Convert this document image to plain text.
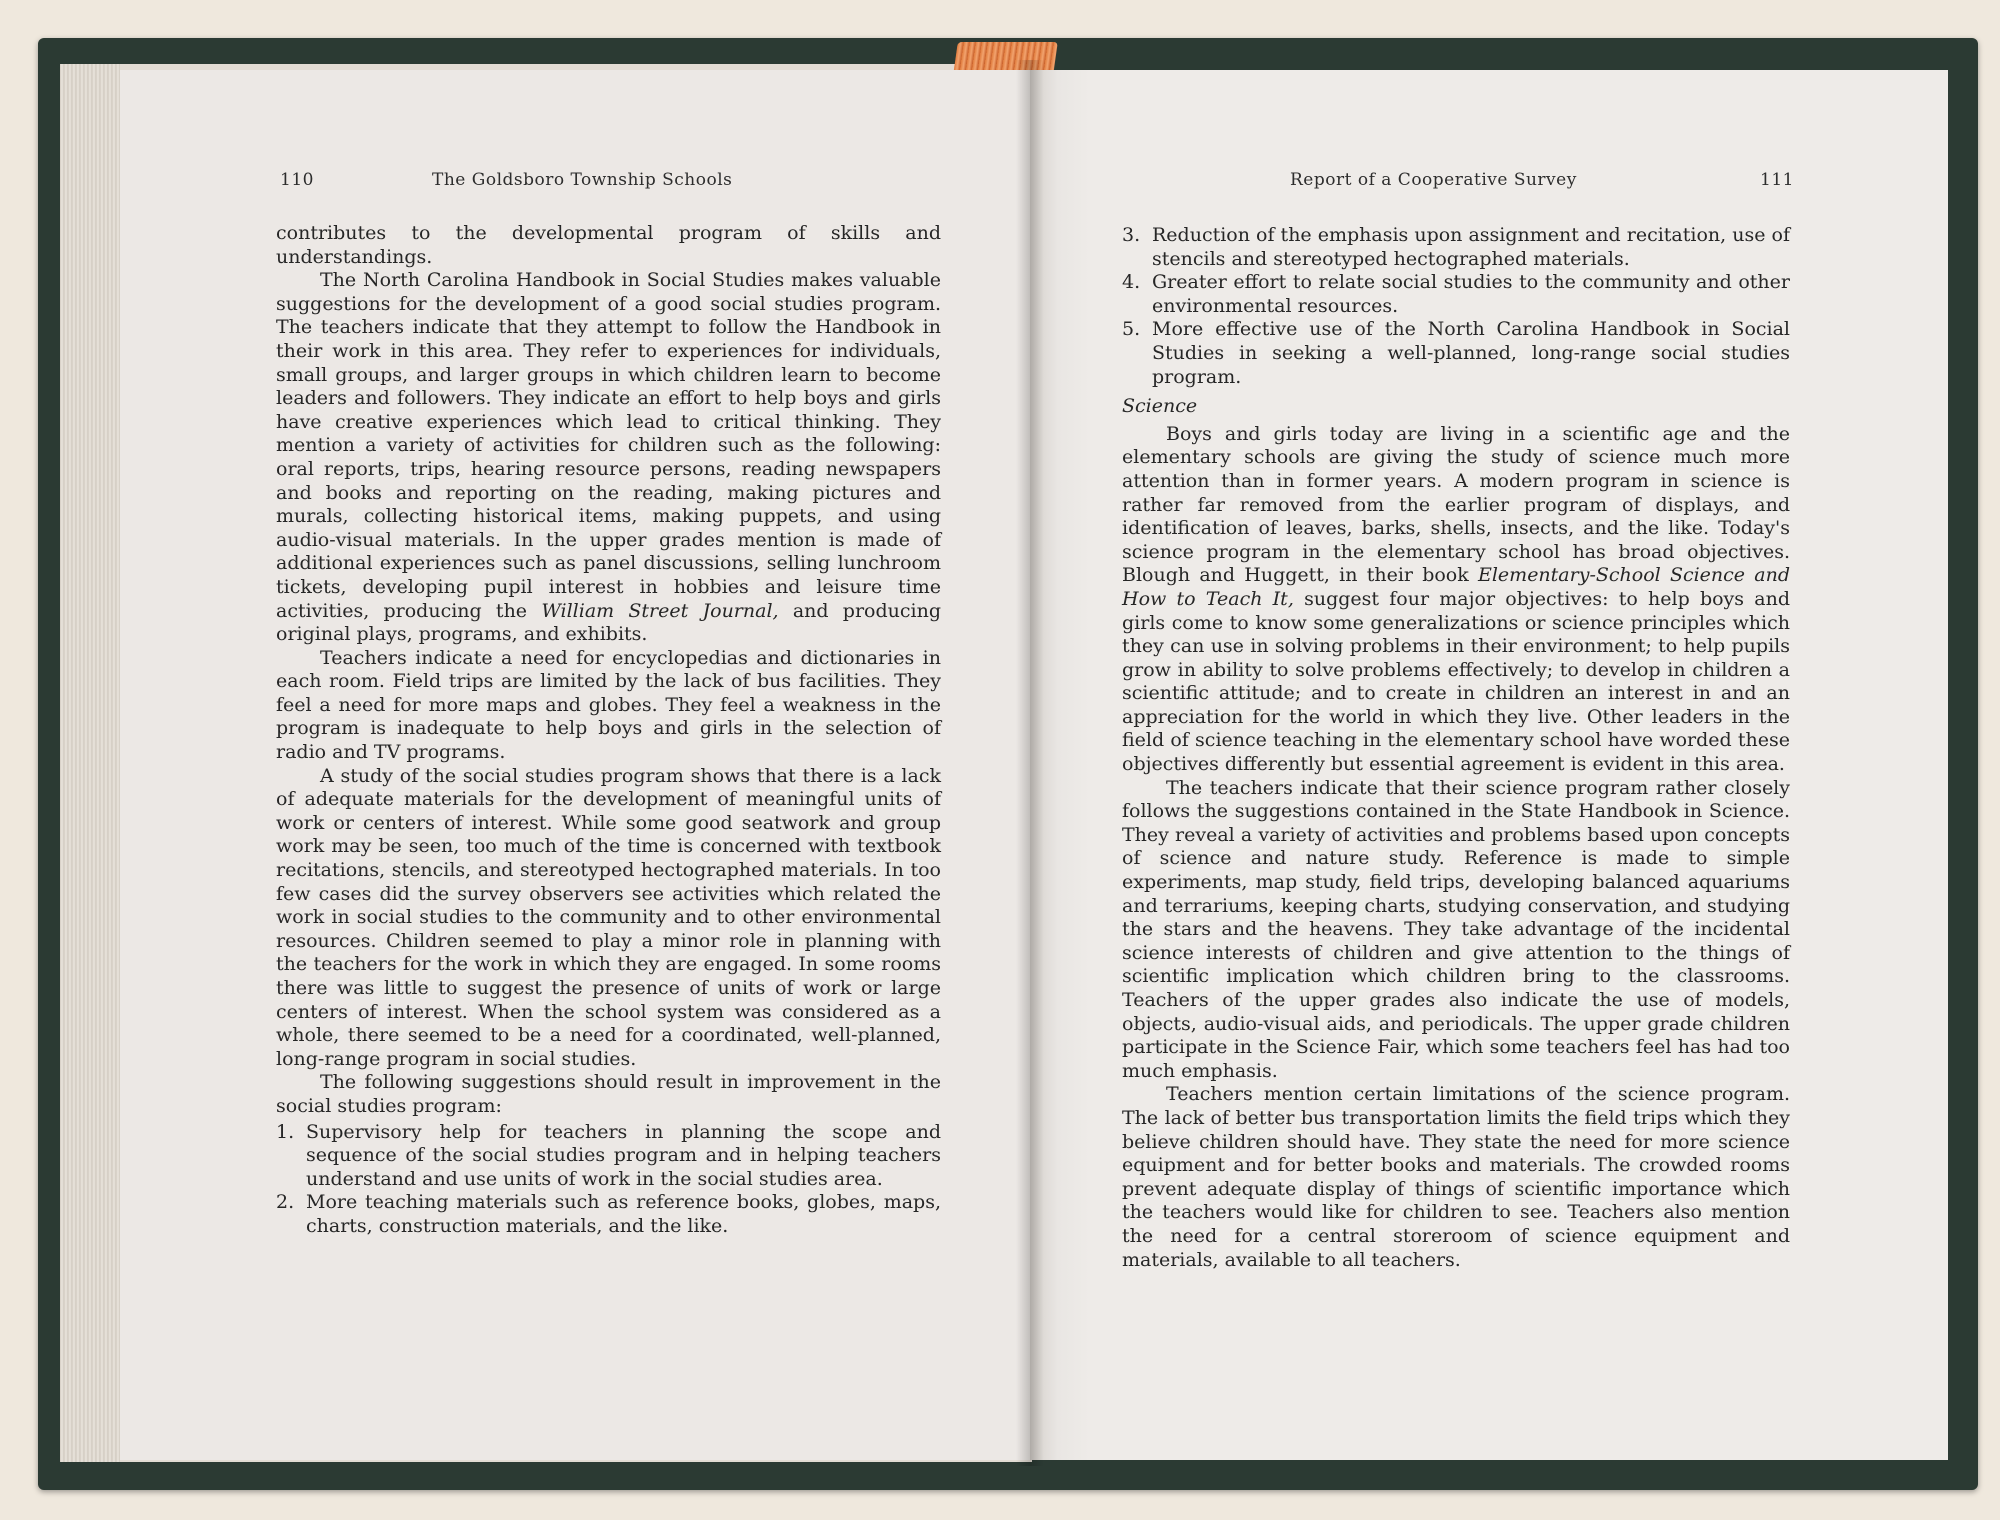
110	The Goldsboro Township Schools	Report of a Cooperative Survey	111

contributes to the developmental program of skills and understandings.

The North Carolina Handbook in Social Studies makes valuable suggestions for the development of a good social studies program. The teachers indicate that they attempt to follow the Handbook in their work in this area. They refer to experiences for individuals, small groups, and larger groups in which children learn to become leaders and followers. They indicate an effort to help boys and girls have creative experiences which lead to critical thinking. They mention a variety of activities for children such as the following: oral reports, trips, hearing resource persons, reading newspapers and books and reporting on the reading, making pictures and murals, collecting historical items, making puppets, and using audio-visual materials. In the upper grades mention is made of additional experiences such as panel discussions, selling lunchroom tickets, developing pupil interest in hobbies and leisure time activities, producing the William Street Journal, and producing original plays, programs, and exhibits.

Teachers indicate a need for encyclopedias and dictionaries in each room. Field trips are limited by the lack of bus facilities. They feel a need for more maps and globes. They feel a weakness in the program is inadequate to help boys and girls in the selection of radio and TV programs.

A study of the social studies program shows that there is a lack of adequate materials for the development of meaningful units of work or centers of interest. While some good seatwork and group work may be seen, too much of the time is concerned with textbook recitations, stencils, and stereotyped hectographed materials. In too few cases did the survey observers see activities which related the work in social studies to the community and to other environmental resources. Children seemed to play a minor role in planning with the teachers for the work in which they are engaged. In some rooms there was little to suggest the presence of units of work or large centers of interest. When the school system was considered as a whole, there seemed to be a need for a coordinated, well-planned, long-range program in social studies.

The following suggestions should result in improvement in the social studies program:

1. Supervisory help for teachers in planning the scope and sequence of the social studies program and in helping teachers understand and use units of work in the social studies area.
2. More teaching materials such as reference books, globes, maps, charts, construction materials, and the like.
3. Reduction of the emphasis upon assignment and recitation, use of stencils and stereotyped hectographed materials.
4. Greater effort to relate social studies to the community and other environmental resources.
5. More effective use of the North Carolina Handbook in Social Studies in seeking a well-planned, long-range social studies program.

Science

Boys and girls today are living in a scientific age and the elementary schools are giving the study of science much more attention than in former years. A modern program in science is rather far removed from the earlier program of displays, and identification of leaves, barks, shells, insects, and the like. Today's science program in the elementary school has broad objectives. Blough and Huggett, in their book Elementary-School Science and How to Teach It, suggest four major objectives: to help boys and girls come to know some generalizations or science principles which they can use in solving problems in their environment; to help pupils grow in ability to solve problems effectively; to develop in children a scientific attitude; and to create in children an interest in and an appreciation for the world in which they live. Other leaders in the field of science teaching in the elementary school have worded these objectives differently but essential agreement is evident in this area.

The teachers indicate that their science program rather closely follows the suggestions contained in the State Handbook in Science. They reveal a variety of activities and problems based upon concepts of science and nature study. Reference is made to simple experiments, map study, field trips, developing balanced aquariums and terrariums, keeping charts, studying conservation, and studying the stars and the heavens. They take advantage of the incidental science interests of children and give attention to the things of scientific implication which children bring to the classrooms. Teachers of the upper grades also indicate the use of models, objects, audio-visual aids, and periodicals. The upper grade children participate in the Science Fair, which some teachers feel has had too much emphasis.

Teachers mention certain limitations of the science program. The lack of better bus transportation limits the field trips which they believe children should have. They state the need for more science equipment and for better books and materials. The crowded rooms prevent adequate display of things of scientific importance which the teachers would like for children to see. Teachers also mention the need for a central storeroom of science equipment and materials, available to all teachers.
